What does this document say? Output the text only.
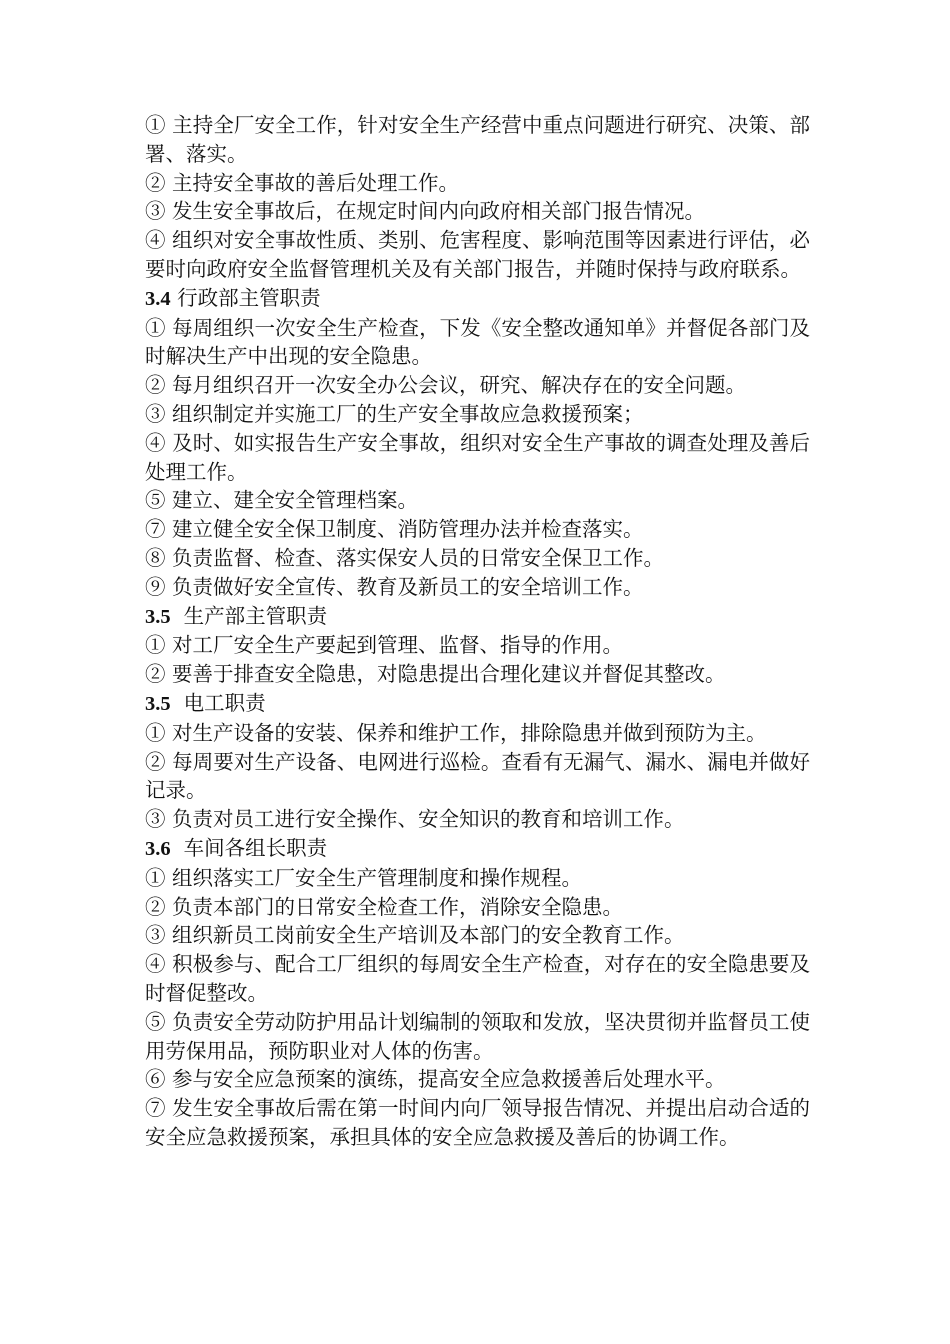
① 主持全厂安全工作，针对安全生产经营中重点问题进行研究、决策、部署、落实。

② 主持安全事故的善后处理工作。

③ 发生安全事故后，在规定时间内向政府相关部门报告情况。

④ 组织对安全事故性质、类别、危害程度、影响范围等因素进行评估，必要时向政府安全监督管理机关及有关部门报告，并随时保持与政府联系。

3.4 行政部主管职责

① 每周组织一次安全生产检查，下发《安全整改通知单》并督促各部门及时解决生产中出现的安全隐患。

② 每月组织召开一次安全办公会议，研究、解决存在的安全问题。

③ 组织制定并实施工厂的生产安全事故应急救援预案；

④ 及时、如实报告生产安全事故，组织对安全生产事故的调查处理及善后处理工作。

⑤ 建立、建全安全管理档案。

⑦ 建立健全安全保卫制度、消防管理办法并检查落实。

⑧ 负责监督、检查、落实保安人员的日常安全保卫工作。

⑨ 负责做好安全宣传、教育及新员工的安全培训工作。

3.5 生产部主管职责

① 对工厂安全生产要起到管理、监督、指导的作用。

② 要善于排查安全隐患，对隐患提出合理化建议并督促其整改。

3.5 电工职责

① 对生产设备的安装、保养和维护工作，排除隐患并做到预防为主。

② 每周要对生产设备、电网进行巡检。查看有无漏气、漏水、漏电并做好记录。

③ 负责对员工进行安全操作、安全知识的教育和培训工作。

3.6 车间各组长职责

① 组织落实工厂安全生产管理制度和操作规程。

② 负责本部门的日常安全检查工作，消除安全隐患。

③ 组织新员工岗前安全生产培训及本部门的安全教育工作。

④ 积极参与、配合工厂组织的每周安全生产检查，对存在的安全隐患要及时督促整改。

⑤ 负责安全劳动防护用品计划编制的领取和发放，坚决贯彻并监督员工使用劳保用品，预防职业对人体的伤害。

⑥ 参与安全应急预案的演练，提高安全应急救援善后处理水平。

⑦ 发生安全事故后需在第一时间内向厂领导报告情况、并提出启动合适的安全应急救援预案，承担具体的安全应急救援及善后的协调工作。
